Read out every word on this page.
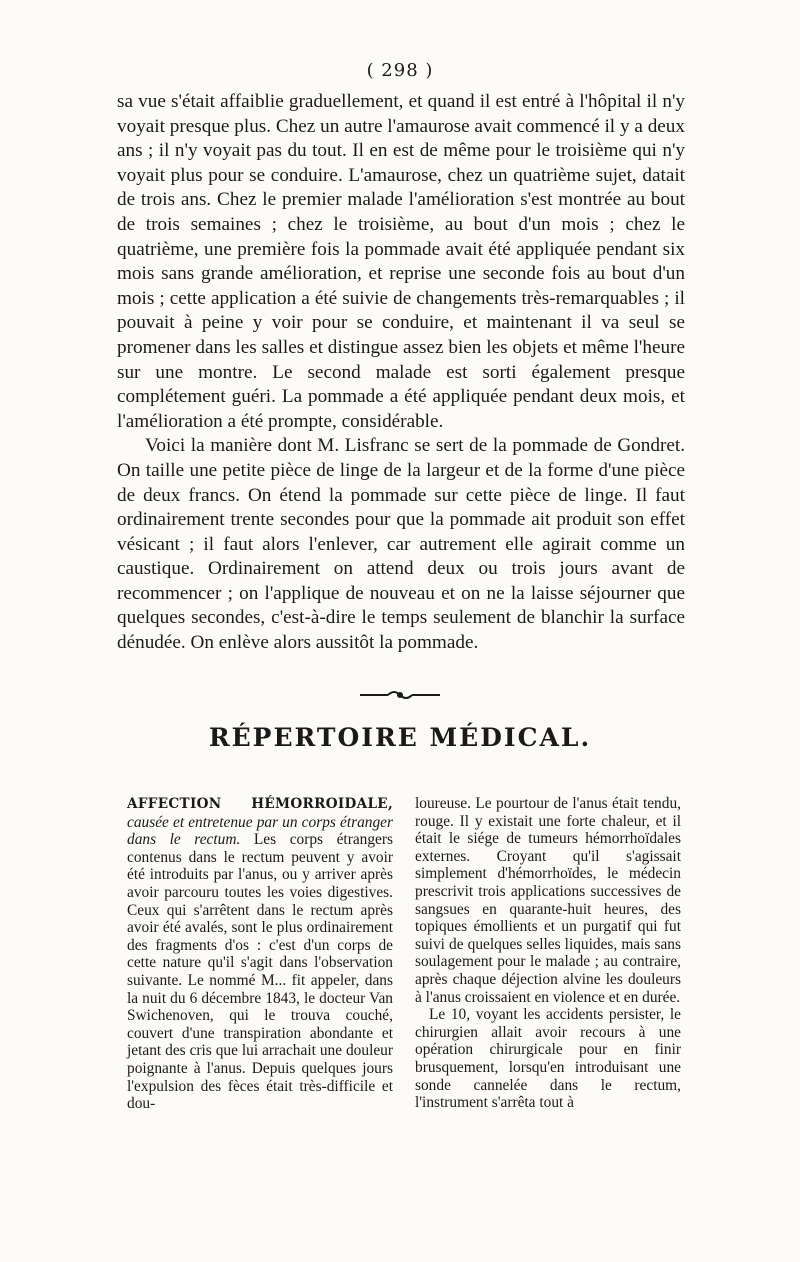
( 298 )

sa vue s'était affaiblie graduellement, et quand il est entré à l'hôpital il n'y voyait presque plus. Chez un autre l'amaurose avait commencé il y a deux ans ; il n'y voyait pas du tout. Il en est de même pour le troisième qui n'y voyait plus pour se conduire. L'amaurose, chez un quatrième sujet, datait de trois ans. Chez le premier malade l'amélioration s'est montrée au bout de trois semaines ; chez le troisième, au bout d'un mois ; chez le quatrième, une première fois la pommade avait été appliquée pendant six mois sans grande amélioration, et reprise une seconde fois au bout d'un mois ; cette application a été suivie de changements très-remarquables ; il pouvait à peine y voir pour se conduire, et maintenant il va seul se promener dans les salles et distingue assez bien les objets et même l'heure sur une montre. Le second malade est sorti également presque complétement guéri. La pommade a été appliquée pendant deux mois, et l'amélioration a été prompte, considérable.

Voici la manière dont M. Lisfranc se sert de la pommade de Gondret. On taille une petite pièce de linge de la largeur et de la forme d'une pièce de deux francs. On étend la pommade sur cette pièce de linge. Il faut ordinairement trente secondes pour que la pommade ait produit son effet vésicant ; il faut alors l'enlever, car autrement elle agirait comme un caustique. Ordinairement on attend deux ou trois jours avant de recommencer ; on l'applique de nouveau et on ne la laisse séjourner que quelques secondes, c'est-à-dire le temps seulement de blanchir la surface dénudée. On enlève alors aussitôt la pommade.

RÉPERTOIRE MÉDICAL.

AFFECTION HÉMORROIDALE, causée et entretenue par un corps étranger dans le rectum. Les corps étrangers contenus dans le rectum peuvent y avoir été introduits par l'anus, ou y arriver après avoir parcouru toutes les voies digestives. Ceux qui s'arrêtent dans le rectum après avoir été avalés, sont le plus ordinairement des fragments d'os : c'est d'un corps de cette nature qu'il s'agit dans l'observation suivante. Le nommé M... fit appeler, dans la nuit du 6 décembre 1843, le docteur Van Swichenoven, qui le trouva couché, couvert d'une transpiration abondante et jetant des cris que lui arrachait une douleur poignante à l'anus. Depuis quelques jours l'expulsion des fèces était très-difficile et dou-

loureuse. Le pourtour de l'anus était tendu, rouge. Il y existait une forte chaleur, et il était le siége de tumeurs hémorrhoïdales externes. Croyant qu'il s'agissait simplement d'hémorrhoïdes, le médecin prescrivit trois applications successives de sangsues en quarante-huit heures, des topiques émollients et un purgatif qui fut suivi de quelques selles liquides, mais sans soulagement pour le malade ; au contraire, après chaque déjection alvine les douleurs à l'anus croissaient en violence et en durée.

Le 10, voyant les accidents persister, le chirurgien allait avoir recours à une opération chirurgicale pour en finir brusquement, lorsqu'en introduisant une sonde cannelée dans le rectum, l'instrument s'arrêta tout à
